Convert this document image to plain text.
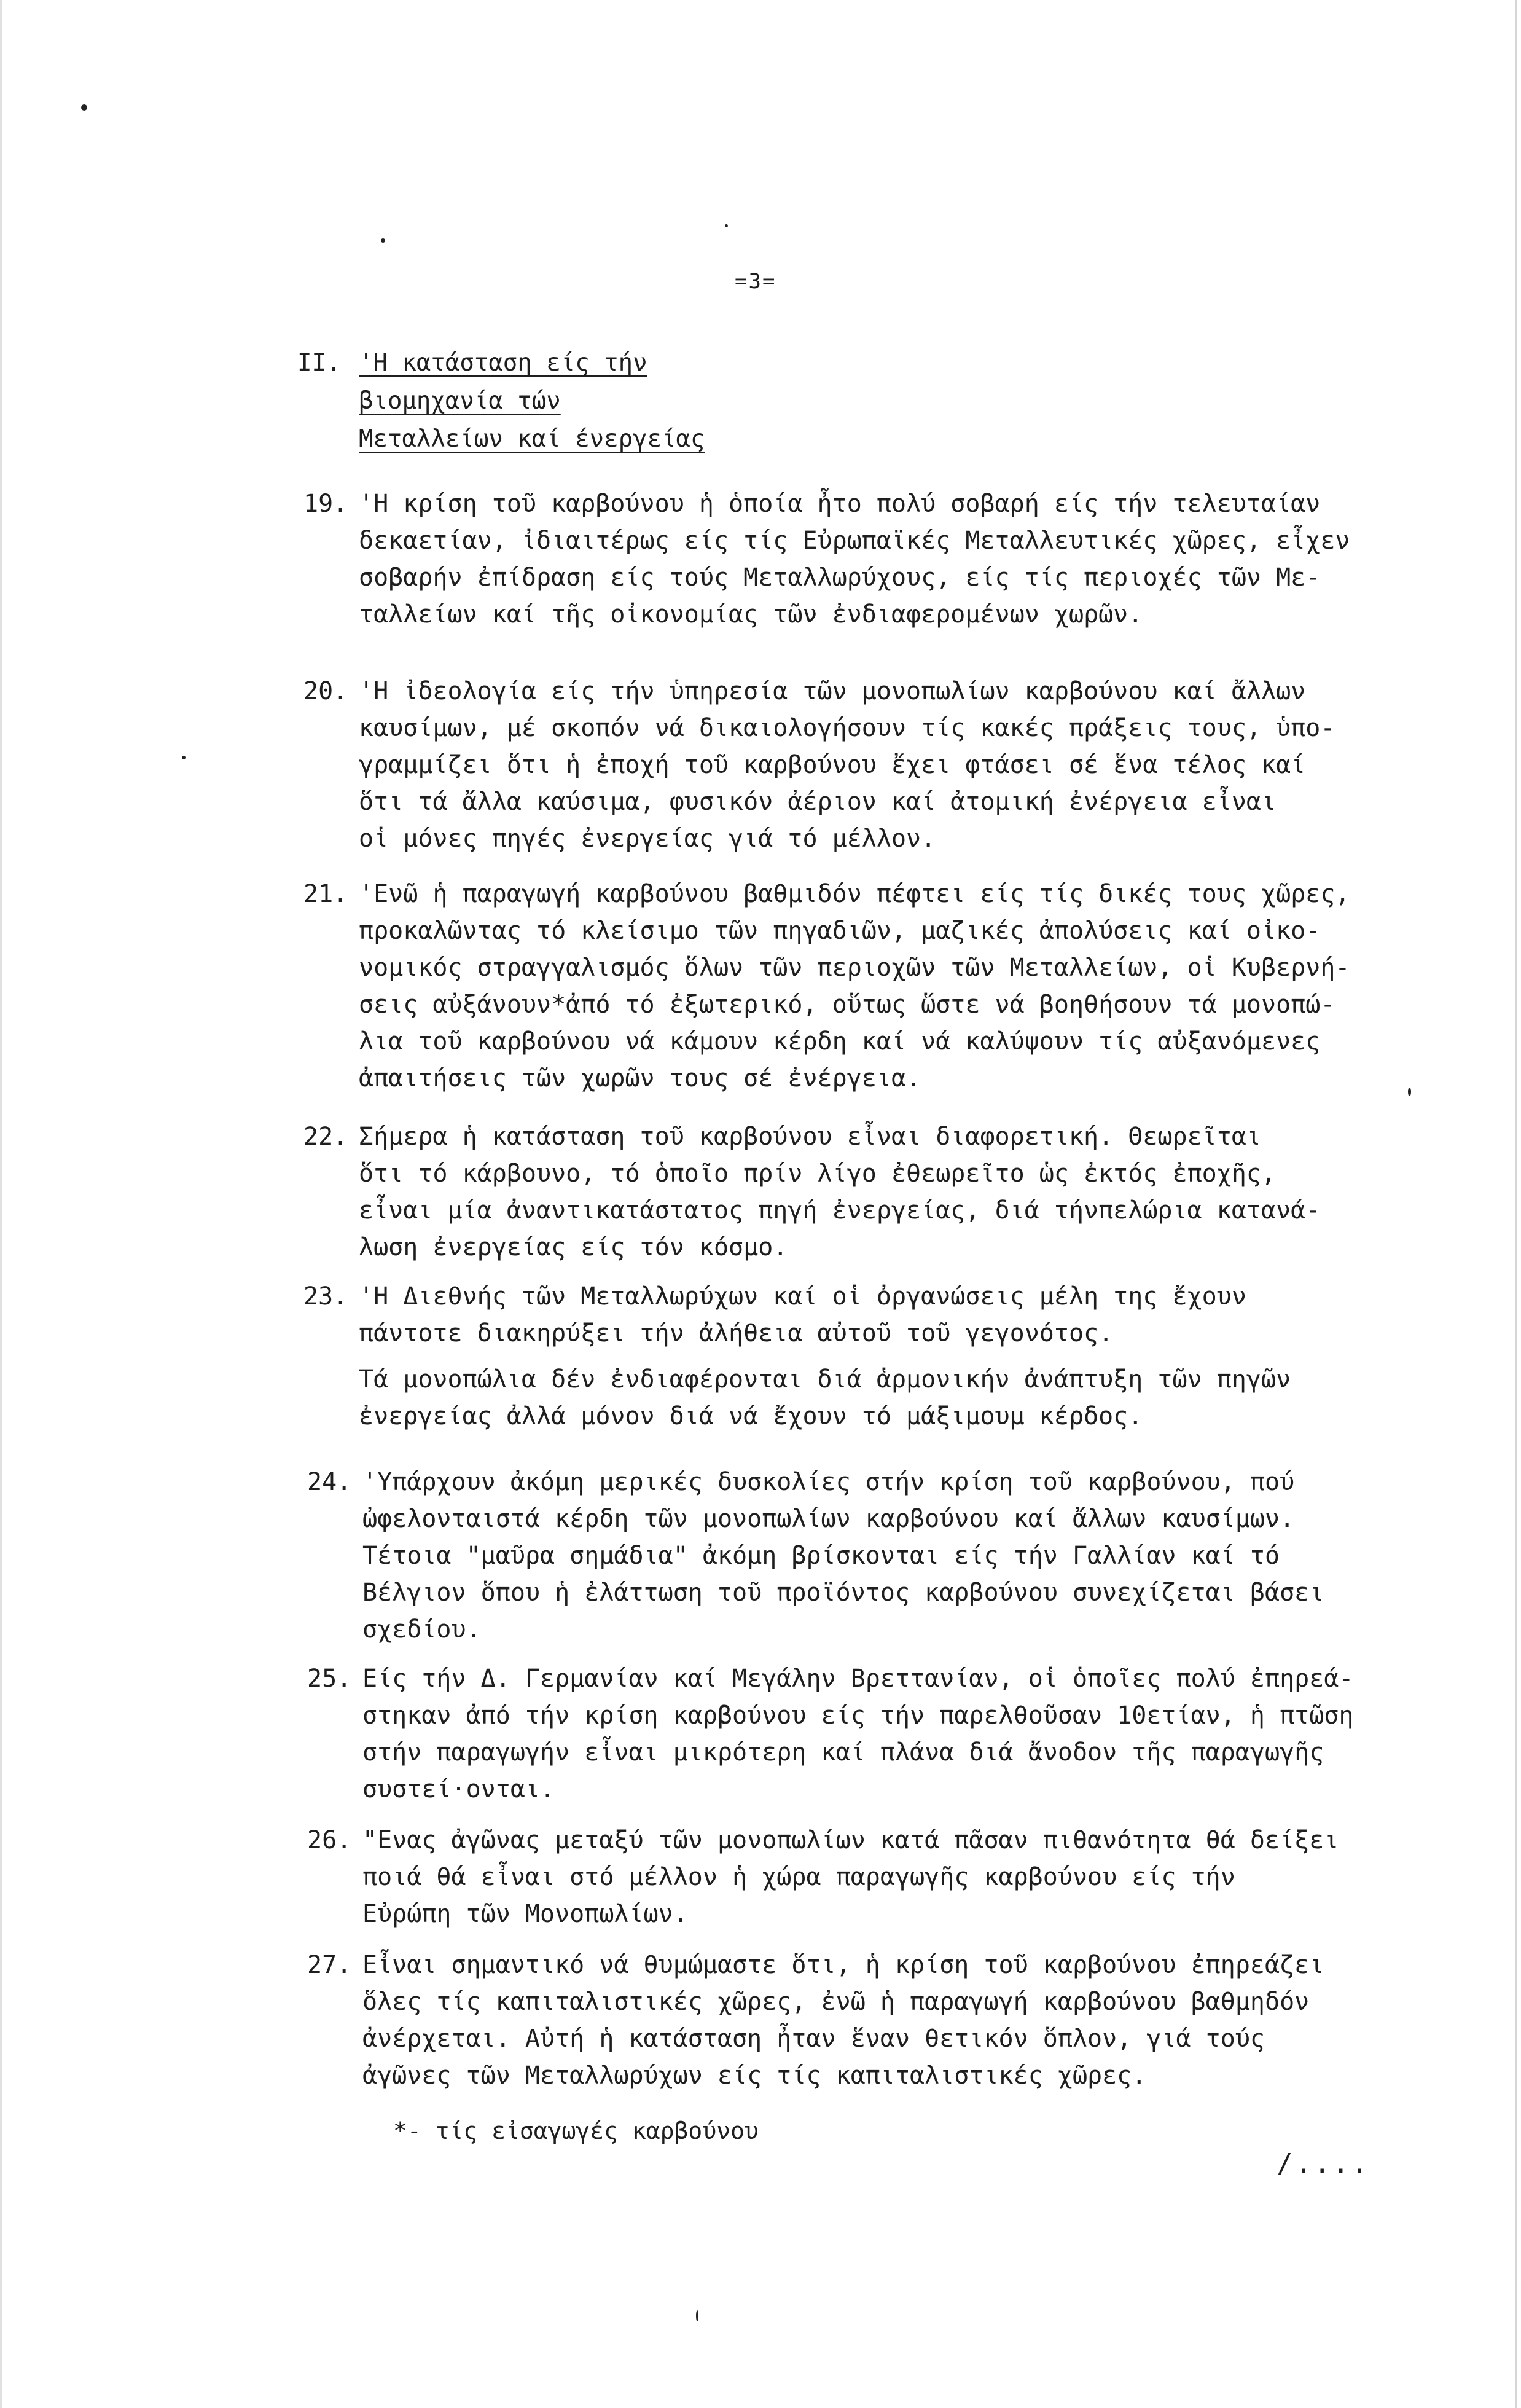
=3=
II. 'Η κατάσταση είς τήν
βιομηχανία τών
Μεταλλείων καί ένεργείας
19. 'Η κρίση τοῦ καρβούνου ἡ ὁποία ἦτο πολύ σοβαρή είς τήν τελευταίαν
δεκαετίαν, ἰδιαιτέρως είς τίς Εὐρωπαϊκές Μεταλλευτικές χῶρες, εἶχεν
σοβαρήν ἐπίδραση είς τούς Μεταλλωρύχους, είς τίς περιοχές τῶν Με-
ταλλείων καί τῆς οἰκονομίας τῶν ἐνδιαφερομένων χωρῶν.
20. 'Η ἰδεολογία είς τήν ὑπηρεσία τῶν μονοπωλίων καρβούνου καί ἄλλων
καυσίμων, μέ σκοπόν νά δικαιολογήσουν τίς κακές πράξεις τους, ὑπο-
γραμμίζει ὅτι ἡ ἐποχή τοῦ καρβούνου ἔχει φτάσει σέ ἕνα τέλος καί
ὅτι τά ἄλλα καύσιμα, φυσικόν ἀέριον καί ἀτομική ἐνέργεια εἶναι
οἱ μόνες πηγές ἐνεργείας γιά τό μέλλον.
21. 'Ενῶ ἡ παραγωγή καρβούνου βαθμιδόν πέφτει είς τίς δικές τους χῶρες,
προκαλῶντας τό κλείσιμο τῶν πηγαδιῶν, μαζικές ἀπολύσεις καί οἰκο-
νομικός στραγγαλισμός ὅλων τῶν περιοχῶν τῶν Μεταλλείων, οἱ Κυβερνή-
σεις αὐξάνουν*ἀπό τό ἐξωτερικό, οὕτως ὥστε νά βοηθήσουν τά μονοπώ-
λια τοῦ καρβούνου νά κάμουν κέρδη καί νά καλύψουν τίς αὐξανόμενες
ἀπαιτήσεις τῶν χωρῶν τους σέ ἐνέργεια.
22. Σήμερα ἡ κατάσταση τοῦ καρβούνου εἶναι διαφορετική. Θεωρεῖται
ὅτι τό κάρβουνο, τό ὁποῖο πρίν λίγο ἐθεωρεῖτο ὡς ἐκτός ἐποχῆς,
εἶναι μία ἀναντικατάστατος πηγή ἐνεργείας, διά τήνπελώρια κατανά-
λωση ἐνεργείας είς τόν κόσμο.
23. 'Η Διεθνής τῶν Μεταλλωρύχων καί οἱ ὀργανώσεις μέλη της ἔχουν
πάντοτε διακηρύξει τήν ἀλήθεια αὐτοῦ τοῦ γεγονότος.
Τά μονοπώλια δέν ἐνδιαφέρονται διά ἁρμονικήν ἀνάπτυξη τῶν πηγῶν
ἐνεργείας ἀλλά μόνον διά νά ἔχουν τό μάξιμουμ κέρδος.
24. 'Υπάρχουν ἀκόμη μερικές δυσκολίες στήν κρίση τοῦ καρβούνου, πού
ὠφελονταιστά κέρδη τῶν μονοπωλίων καρβούνου καί ἄλλων καυσίμων.
Τέτοια "μαῦρα σημάδια" ἀκόμη βρίσκονται είς τήν Γαλλίαν καί τό
Βέλγιον ὅπου ἡ ἐλάττωση τοῦ προϊόντος καρβούνου συνεχίζεται βάσει
σχεδίου.
25. Είς τήν Δ. Γερμανίαν καί Μεγάλην Βρεττανίαν, οἱ ὁποῖες πολύ ἐπηρεά-
στηκαν ἀπό τήν κρίση καρβούνου είς τήν παρελθοῦσαν 10ετίαν, ἡ πτῶση
στήν παραγωγήν εἶναι μικρότερη καί πλάνα διά ἄνοδον τῆς παραγωγῆς
συστεί·ονται.
26. "Ενας ἀγῶνας μεταξύ τῶν μονοπωλίων κατά πᾶσαν πιθανότητα θά δείξει
ποιά θά εἶναι στό μέλλον ἡ χώρα παραγωγῆς καρβούνου είς τήν
Εὐρώπη τῶν Μονοπωλίων.
27. Εἶναι σημαντικό νά θυμώμαστε ὅτι, ἡ κρίση τοῦ καρβούνου ἐπηρεάζει
ὅλες τίς καπιταλιστικές χῶρες, ἐνῶ ἡ παραγωγή καρβούνου βαθμηδόν
ἀνέρχεται. Αὐτή ἡ κατάσταση ἦταν ἕναν θετικόν ὅπλον, γιά τούς
ἀγῶνες τῶν Μεταλλωρύχων είς τίς καπιταλιστικές χῶρες.
*- τίς εἰσαγωγές καρβούνου
/....
